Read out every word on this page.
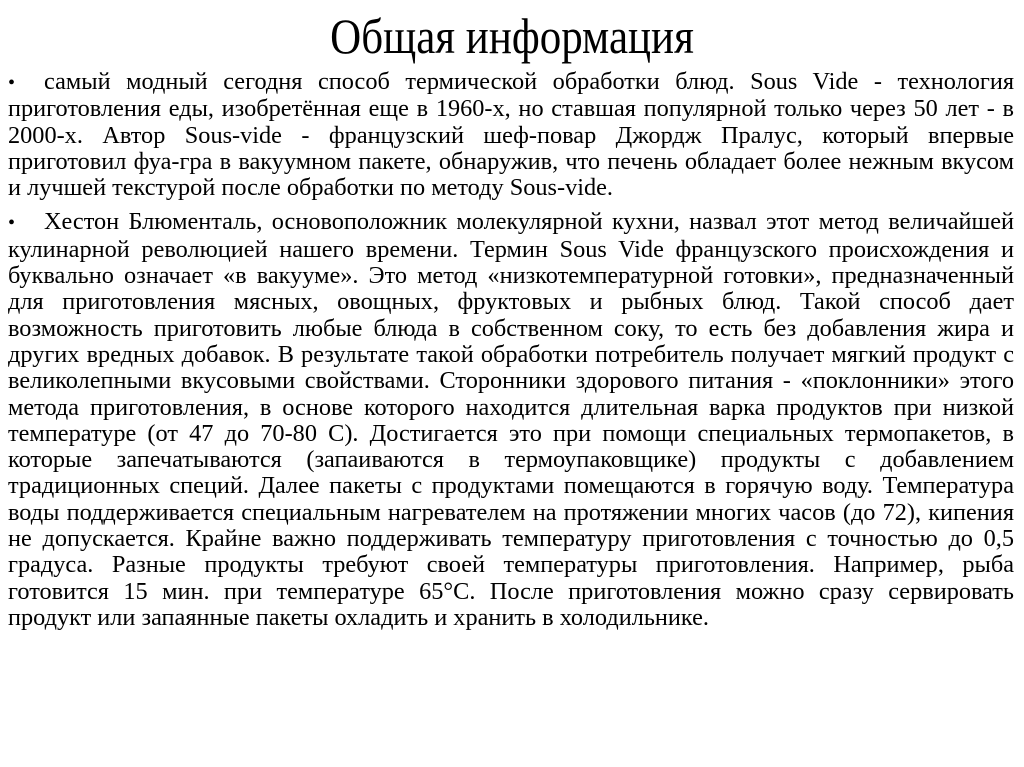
Общая информация

• самый модный сегодня способ термической обработки блюд. Sous Vide - технология приготовления еды, изобретённая еще в 1960-х, но ставшая популярной только через 50 лет - в 2000-х. Автор Sous-vide - французский шеф-повар Джордж Пралус, который впервые приготовил фуа-гра в вакуумном пакете, обнаружив, что печень обладает более нежным вкусом и лучшей текстурой после обработки по методу Sous-vide.

• Хестон Блюменталь, основоположник молекулярной кухни, назвал этот метод величайшей кулинарной революцией нашего времени. Термин Sous Vide французского происхождения и буквально означает «в вакууме». Это метод «низкотемпературной готовки», предназначенный для приготовления мясных, овощных, фруктовых и рыбных блюд. Такой способ дает возможность приготовить любые блюда в собственном соку, то есть без добавления жира и других вредных добавок. В результате такой обработки потребитель получает мягкий продукт с великолепными вкусовыми свойствами. Сторонники здорового питания - «поклонники» этого метода приготовления, в основе которого находится длительная варка продуктов при низкой температуре (от 47 до 70-80 С). Достигается это при помощи специальных термопакетов, в которые запечатываются (запаиваются в термоупаковщике) продукты с добавлением традиционных специй. Далее пакеты с продуктами помещаются в горячую воду. Температура воды поддерживается специальным нагревателем на протяжении многих часов (до 72), кипения не допускается. Крайне важно поддерживать температуру приготовления с точностью до 0,5 градуса. Разные продукты требуют своей температуры приготовления. Например, рыба готовится 15 мин. при температуре 65°С. После приготовления можно сразу сервировать продукт или запаянные пакеты охладить и хранить в холодильнике.
